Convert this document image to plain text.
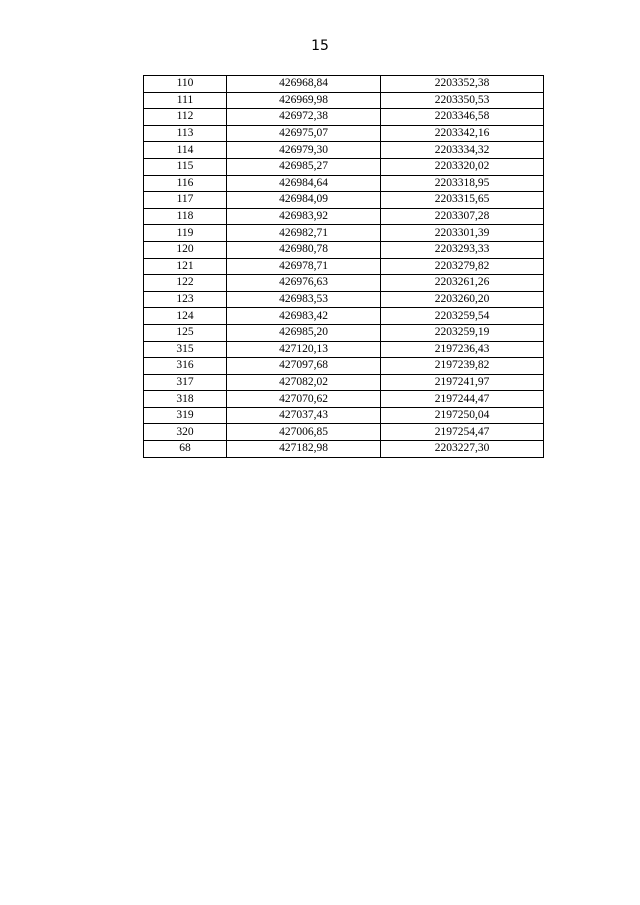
15
110	426968,84	2203352,38
111	426969,98	2203350,53
112	426972,38	2203346,58
113	426975,07	2203342,16
114	426979,30	2203334,32
115	426985,27	2203320,02
116	426984,64	2203318,95
117	426984,09	2203315,65
118	426983,92	2203307,28
119	426982,71	2203301,39
120	426980,78	2203293,33
121	426978,71	2203279,82
122	426976,63	2203261,26
123	426983,53	2203260,20
124	426983,42	2203259,54
125	426985,20	2203259,19
315	427120,13	2197236,43
316	427097,68	2197239,82
317	427082,02	2197241,97
318	427070,62	2197244,47
319	427037,43	2197250,04
320	427006,85	2197254,47
68	427182,98	2203227,30
